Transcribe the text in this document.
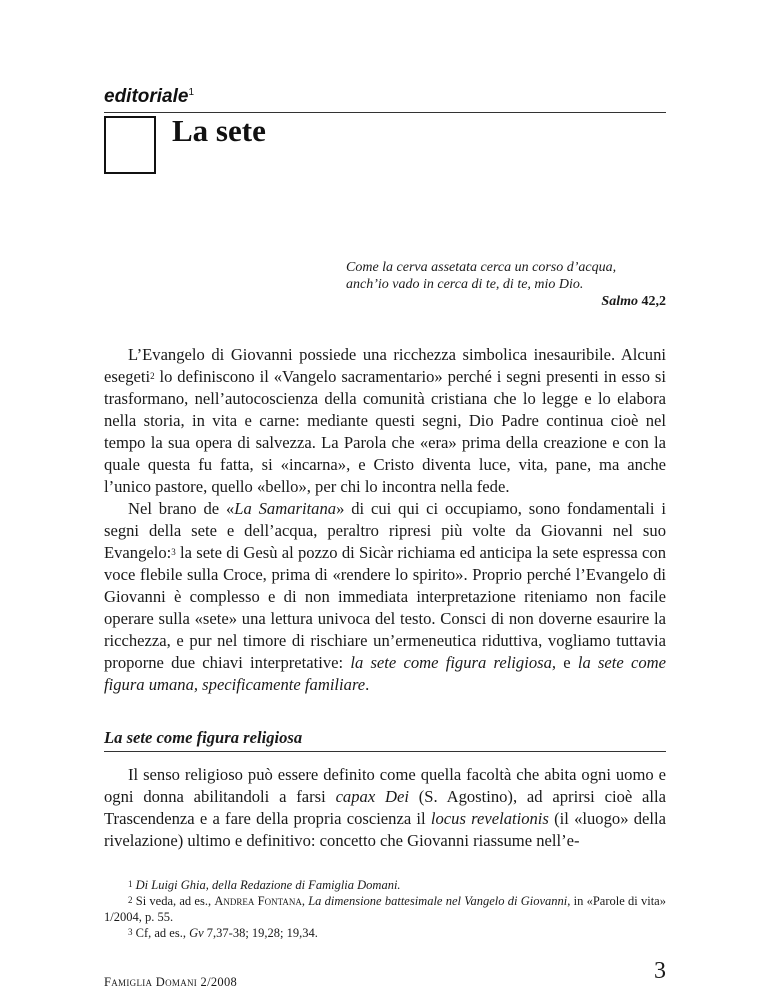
editoriale$^1$
La sete
Come la cerva assetata cerca un corso d’acqua,
anch’io vado in cerca di te, di te, mio Dio.
Salmo 42,2

L’Evangelo di Giovanni possiede una ricchezza simbolica inesauribile. Alcuni esegeti$^2$ lo definiscono il «Vangelo sacramentario» perché i segni presenti in esso si trasformano, nell’autocoscienza della comunità cristiana che lo legge e lo elabora nella storia, in vita e carne: mediante questi segni, Dio Padre continua cioè nel tempo la sua opera di salvezza. La Parola che «era» prima della creazione e con la quale questa fu fatta, si «incarna», e Cristo diventa luce, vita, pane, ma anche l’unico pastore, quello «bello», per chi lo incontra nella fede.

Nel brano de «La Samaritana» di cui qui ci occupiamo, sono fondamentali i segni della sete e dell’acqua, peraltro ripresi più volte da Giovanni nel suo Evangelo:$^3$ la sete di Gesù al pozzo di Sicàr richiama ed anticipa la sete espressa con voce flebile sulla Croce, prima di «rendere lo spirito». Proprio perché l’Evangelo di Giovanni è complesso e di non immediata interpretazione riteniamo non facile operare sulla «sete» una lettura univoca del testo. Consci di non doverne esaurire la ricchezza, e pur nel timore di rischiare un’ermeneutica riduttiva, vogliamo tuttavia proporne due chiavi interpretative: la sete come figura religiosa, e la sete come figura umana, specificamente familiare.

La sete come figura religiosa

Il senso religioso può essere definito come quella facoltà che abita ogni uomo e ogni donna abilitandoli a farsi capax Dei (S. Agostino), ad aprirsi cioè alla Trascendenza e a fare della propria coscienza il locus revelationis (il «luogo» della rivelazione) ultimo e definitivo: concetto che Giovanni riassume nell’e-

$^1$ Di Luigi Ghia, della Redazione di Famiglia Domani.

$^2$ Si veda, ad es., Andrea Fontana, La dimensione battesimale nel Vangelo di Giovanni, in «Parole di vita» 1/2004, p. 55.

$^3$ Cf, ad es., Gv 7,37-38; 19,28; 19,34.

Famiglia Domani 2/2008	3
